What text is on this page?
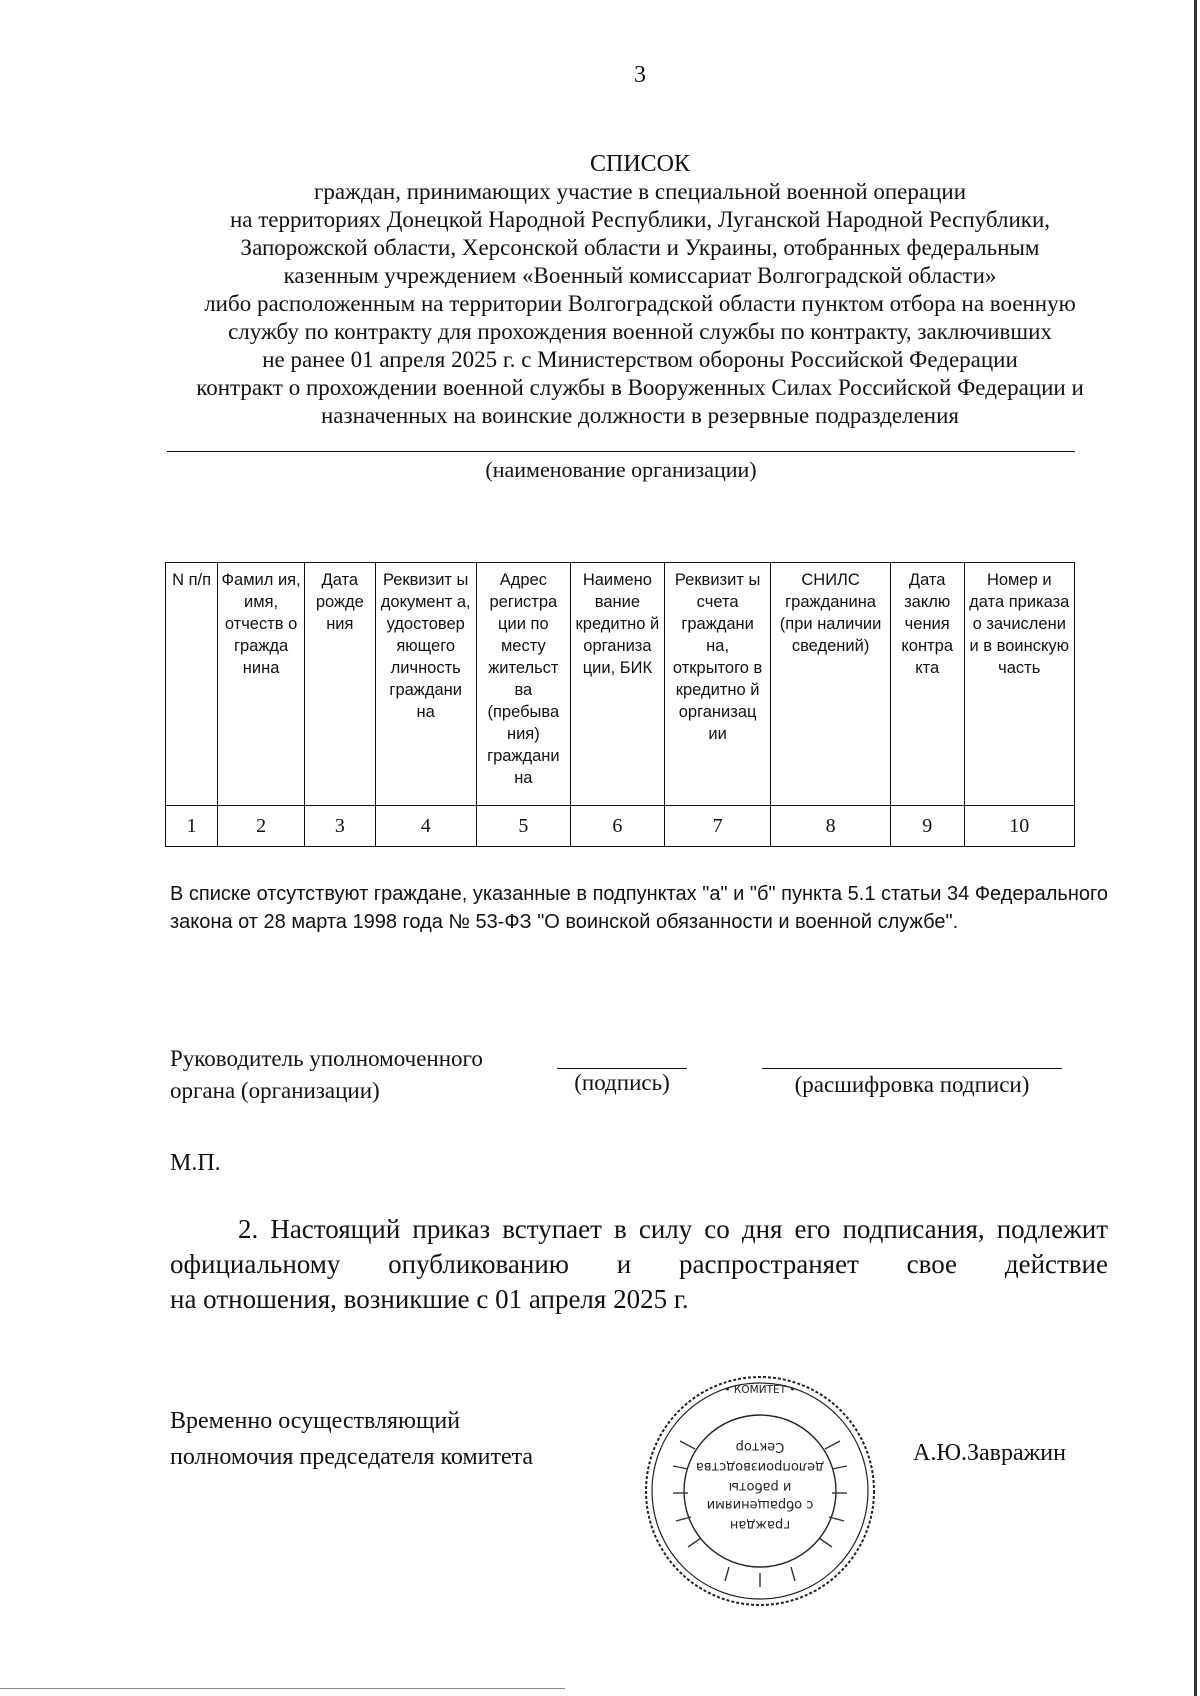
3
СПИСОК
граждан, принимающих участие в специальной военной операции
на территориях Донецкой Народной Республики, Луганской Народной Республики,
Запорожской области, Херсонской области и Украины, отобранных федеральным
казенным учреждением «Военный комиссариат Волгоградской области»
либо расположенным на территории Волгоградской области пунктом отбора на военную
службу по контракту для прохождения военной службы по контракту, заключивших
не ранее 01 апреля 2025 г. с Министерством обороны Российской Федерации
контракт о прохождении военной службы в Вооруженных Силах Российской Федерации и
назначенных на воинские должности в резервные подразделения
(наименование организации)
N п/п	Фамил ия, имя, отчеств о гражда нина	Дата рожде ния	Реквизит ы документ а, удостовер яющего личность граждани на	Адрес регистра ции по месту жительст ва (пребыва ния) граждани на	Наимено вание кредитно й организа ции, БИК	Реквизит ы счета граждани на, открытого в кредитно й организац ии	СНИЛС гражданина (при наличии сведений)	Дата заклю чения контра кта	Номер и дата приказа о зачислени и в воинскую часть
1	2	3	4	5	6	7	8	9	10
В списке отсутствуют граждане, указанные в подпунктах "а" и "б" пункта 5.1 статьи 34 Федерального закона от 28 марта 1998 года № 53-ФЗ "О воинской обязанности и военной службе".
Руководитель уполномоченного
органа (организации)	(подпись)	(расшифровка подписи)
М.П.
2. Настоящий приказ вступает в силу со дня его подписания, подлежит официальному опубликованию и распространяет свое действие
на отношения, возникшие с 01 апреля 2025 г.
Временно осуществляющий
полномочия председателя комитета
• КОМИТЕТ •
граждан
с обращениями
и работы
делопроизводства
Сектор	А.Ю.Завражин
